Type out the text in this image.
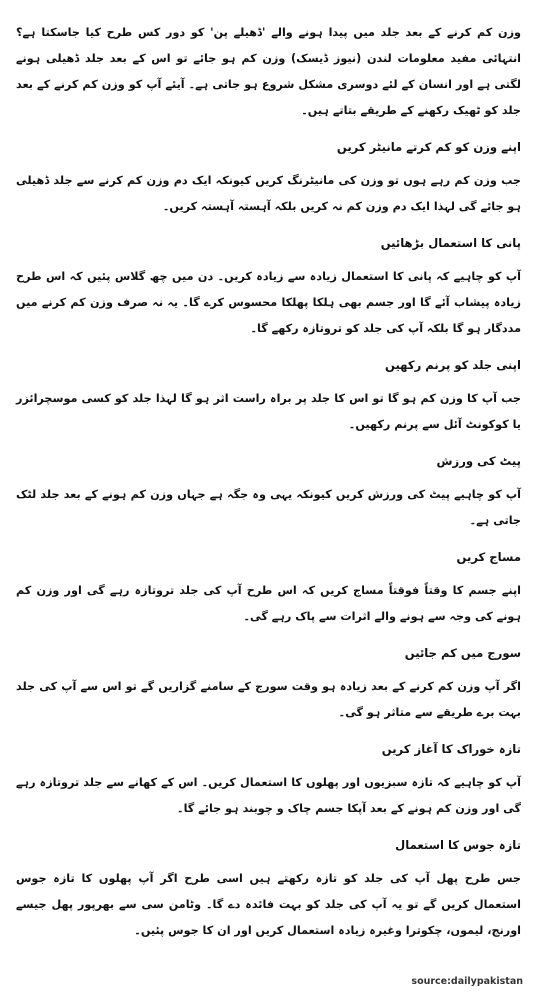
وزن کم کرنے کے بعد جلد میں پیدا ہونے والے 'ڈھیلے پن' کو دور کس طرح کیا جاسکتا ہے؟ انتہائی مفید معلومات لندن (نیوز ڈیسک) وزن کم ہو جائے تو اس کے بعد جلد ڈھیلی ہونے لگتی ہے اور انسان کے لئے دوسری مشکل شروع ہو جاتی ہے۔ آیئے آپ کو وزن کم کرنے کے بعد جلد کو ٹھیک رکھنے کے طریقے بتاتے ہیں۔

اپنے وزن کو کم کرتے مانیٹر کریں

جب وزن کم رہے ہوں تو وزن کی مانیٹرنگ کریں کیونکہ ایک دم وزن کم کرنے سے جلد ڈھیلی ہو جائے گی لہذا ایک دم وزن کم نہ کریں بلکہ آہستہ آہستہ کریں۔

پانی کا استعمال بڑھائیں

آپ کو چاہیے کہ پانی کا استعمال زیادہ سے زیادہ کریں۔ دن میں چھ گلاس پئیں کہ اس طرح زیادہ پیشاب آئے گا اور جسم بھی ہلکا پھلکا محسوس کرے گا۔ یہ نہ صرف وزن کم کرنے میں مددگار ہو گا بلکہ آپ کی جلد کو تروتازہ رکھے گا۔

اپنی جلد کو پرنم رکھیں

جب آپ کا وزن کم ہو گا تو اس کا جلد پر براہ راست اثر ہو گا لہذا جلد کو کسی موسچرائزر یا کوکونٹ آئل سے پرنم رکھیں۔

پیٹ کی ورزش

آپ کو چاہیے پیٹ کی ورزش کریں کیونکہ یہی وہ جگہ ہے جہاں وزن کم ہونے کے بعد جلد لٹک جاتی ہے۔

مساج کریں

اپنے جسم کا وقتاً فوقتاً مساج کریں کہ اس طرح آپ کی جلد تروتازہ رہے گی اور وزن کم ہونے کی وجہ سے ہونے والے اثرات سے پاک رہے گی۔

سورج میں کم جائیں

اگر آپ وزن کم کرنے کے بعد زیادہ ہو وقت سورج کے سامنے گزاریں گے تو اس سے آپ کی جلد بہت برے طریقے سے متاثر ہو گی۔

تازہ خوراک کا آغاز کریں

آپ کو چاہیے کہ تازہ سبزیوں اور پھلوں کا استعمال کریں۔ اس کے کھانے سے جلد تروتازہ رہے گی اور وزن کم ہونے کے بعد آپکا جسم چاک و چوبند ہو جائے گا۔

تازہ جوس کا استعمال

جس طرح پھل آپ کی جلد کو تازہ رکھتے ہیں اسی طرح اگر آپ پھلوں کا تازہ جوس استعمال کریں گے تو یہ آپ کی جلد کو بہت فائدہ دے گا۔ وٹامن سی سے بھرپور پھل جیسے اورنج، لیموں، چکوترا وغیرہ زیادہ استعمال کریں اور ان کا جوس پئیں۔

source:dailypakistan
